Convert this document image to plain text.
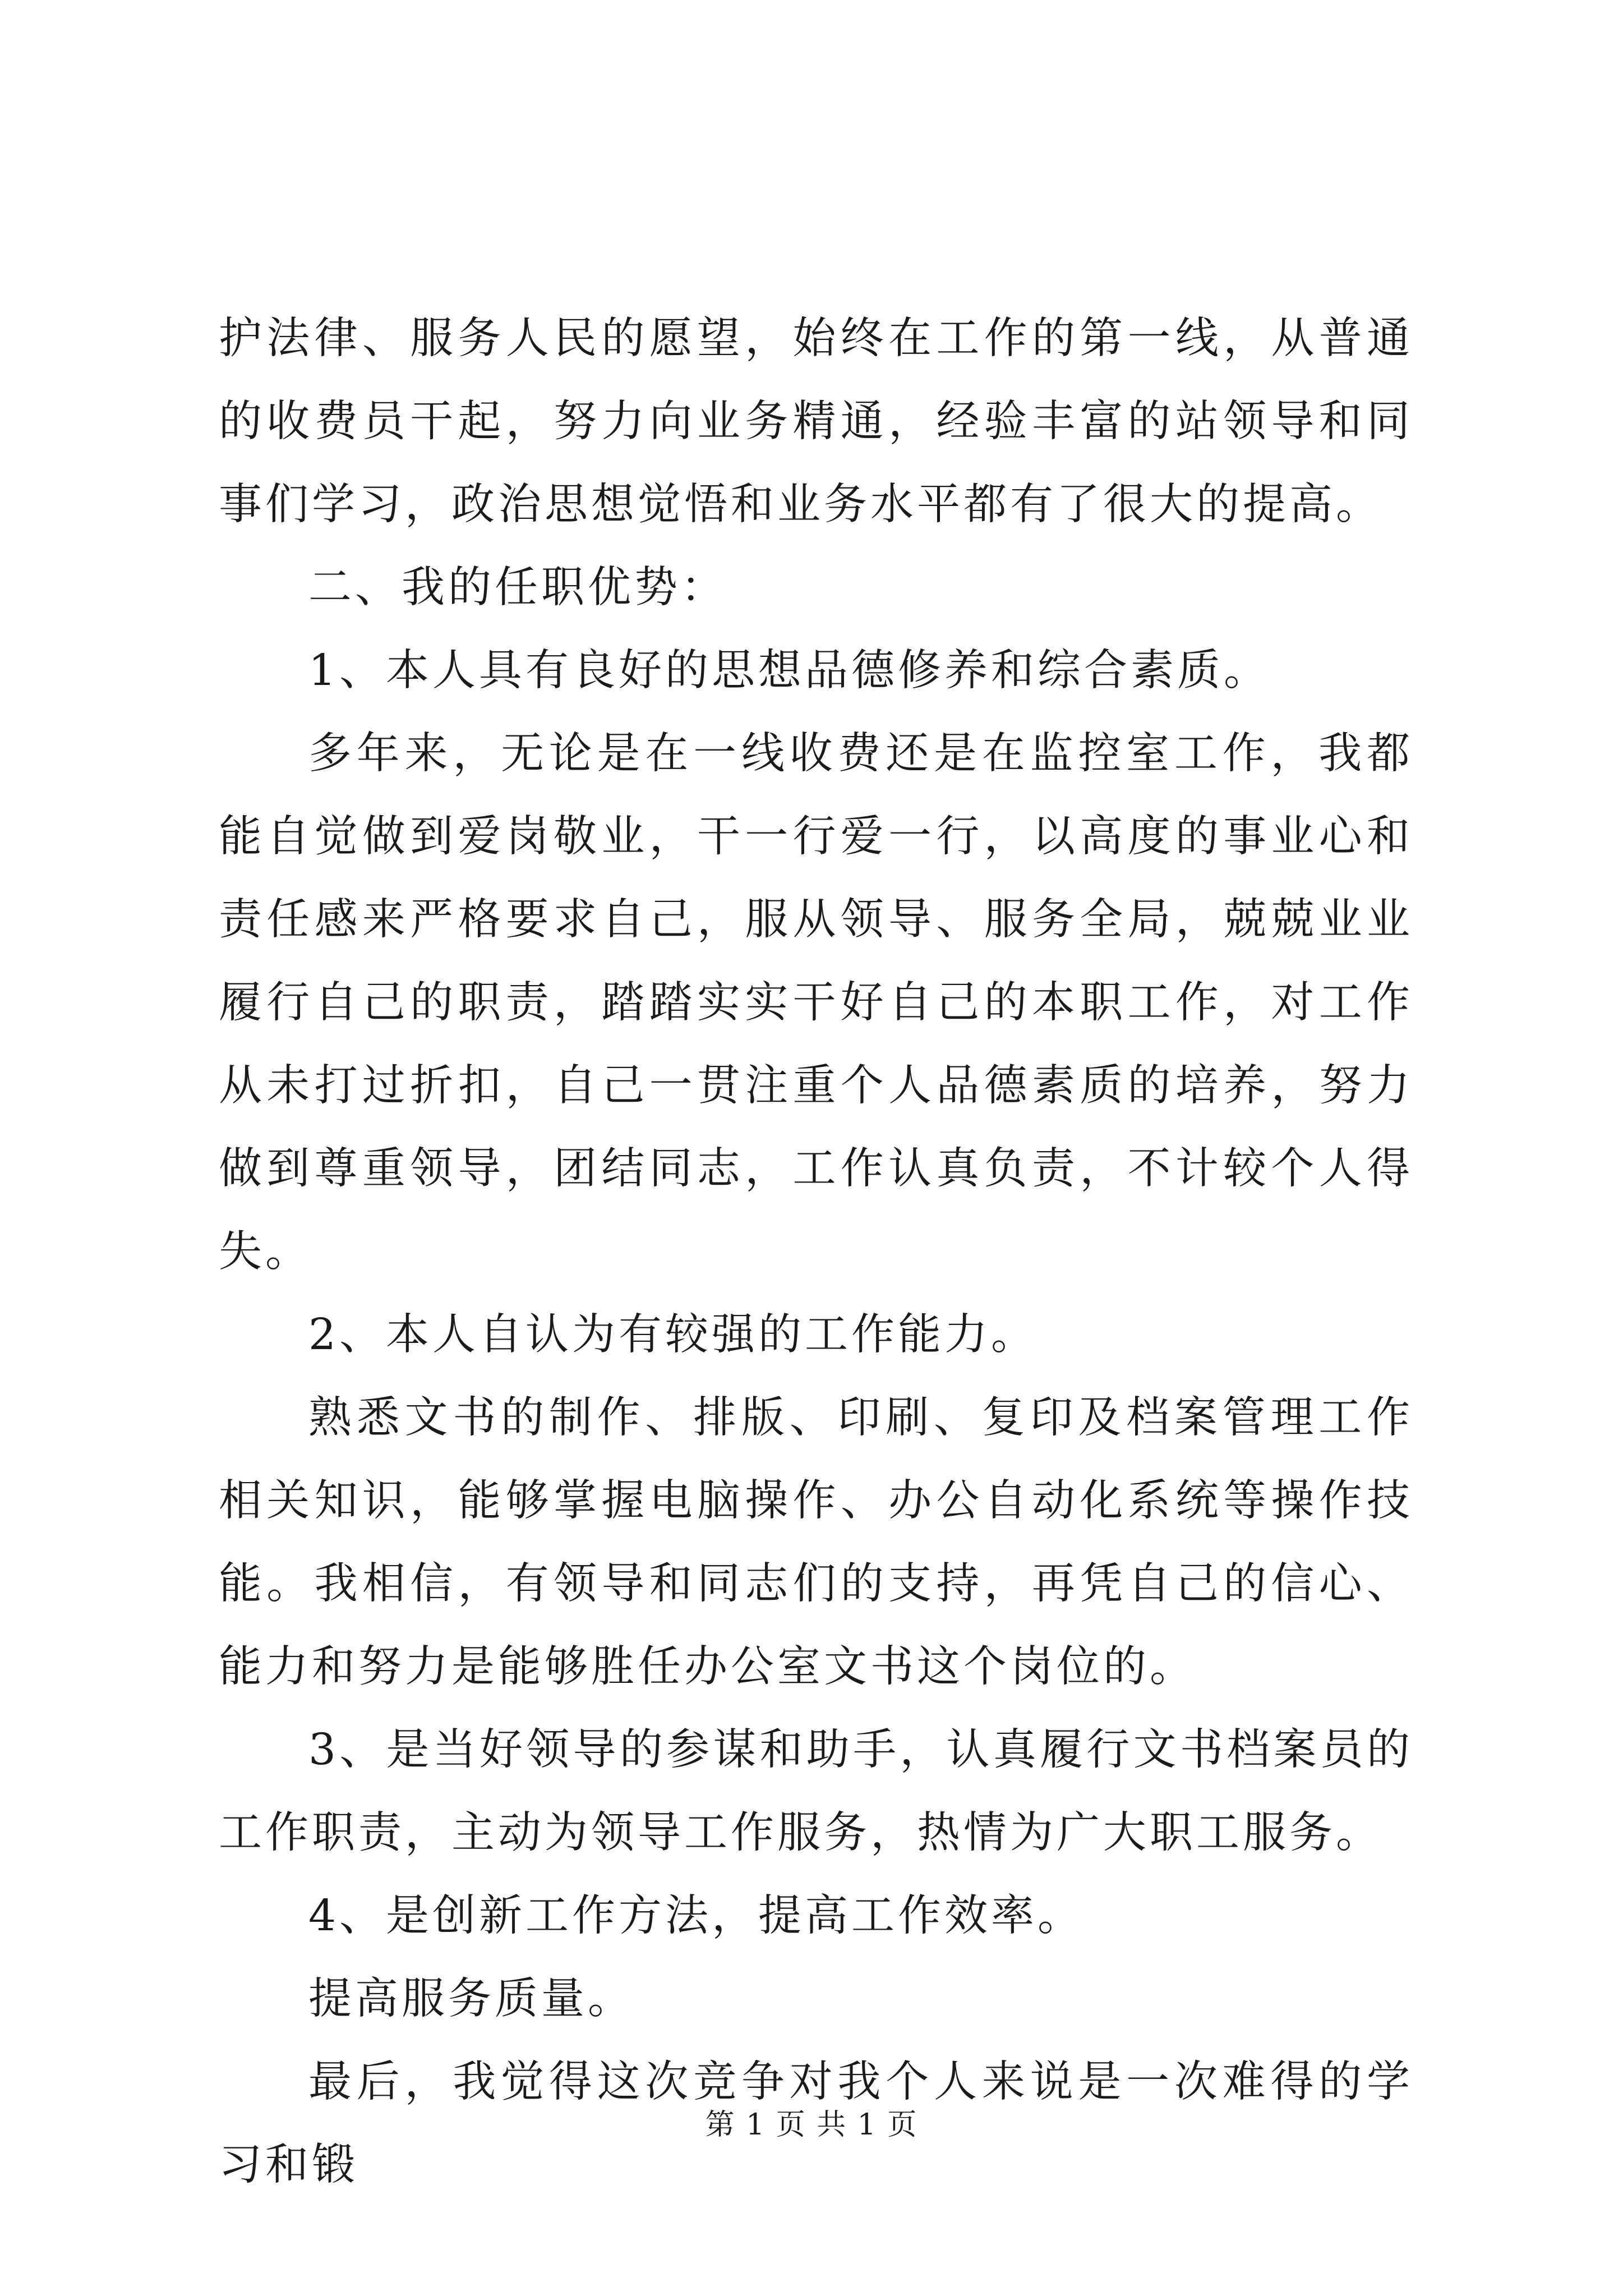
护法律、服务人民的愿望，始终在工作的第一线，从普通的收费员干起，努力向业务精通，经验丰富的站领导和同事们学习，政治思想觉悟和业务水平都有了很大的提高。

二、我的任职优势：

1、本人具有良好的思想品德修养和综合素质。

多年来，无论是在一线收费还是在监控室工作，我都能自觉做到爱岗敬业，干一行爱一行，以高度的事业心和责任感来严格要求自己，服从领导、服务全局，兢兢业业履行自己的职责，踏踏实实干好自己的本职工作，对工作从未打过折扣，自己一贯注重个人品德素质的培养，努力做到尊重领导，团结同志，工作认真负责，不计较个人得失。

2、本人自认为有较强的工作能力。

熟悉文书的制作、排版、印刷、复印及档案管理工作相关知识，能够掌握电脑操作、办公自动化系统等操作技能。我相信，有领导和同志们的支持，再凭自己的信心、能力和努力是能够胜任办公室文书这个岗位的。

3、是当好领导的参谋和助手，认真履行文书档案员的工作职责，主动为领导工作服务，热情为广大职工服务。

4、是创新工作方法，提高工作效率。

提高服务质量。

最后，我觉得这次竞争对我个人来说是一次难得的学习和锻

第 1 页 共 1 页
